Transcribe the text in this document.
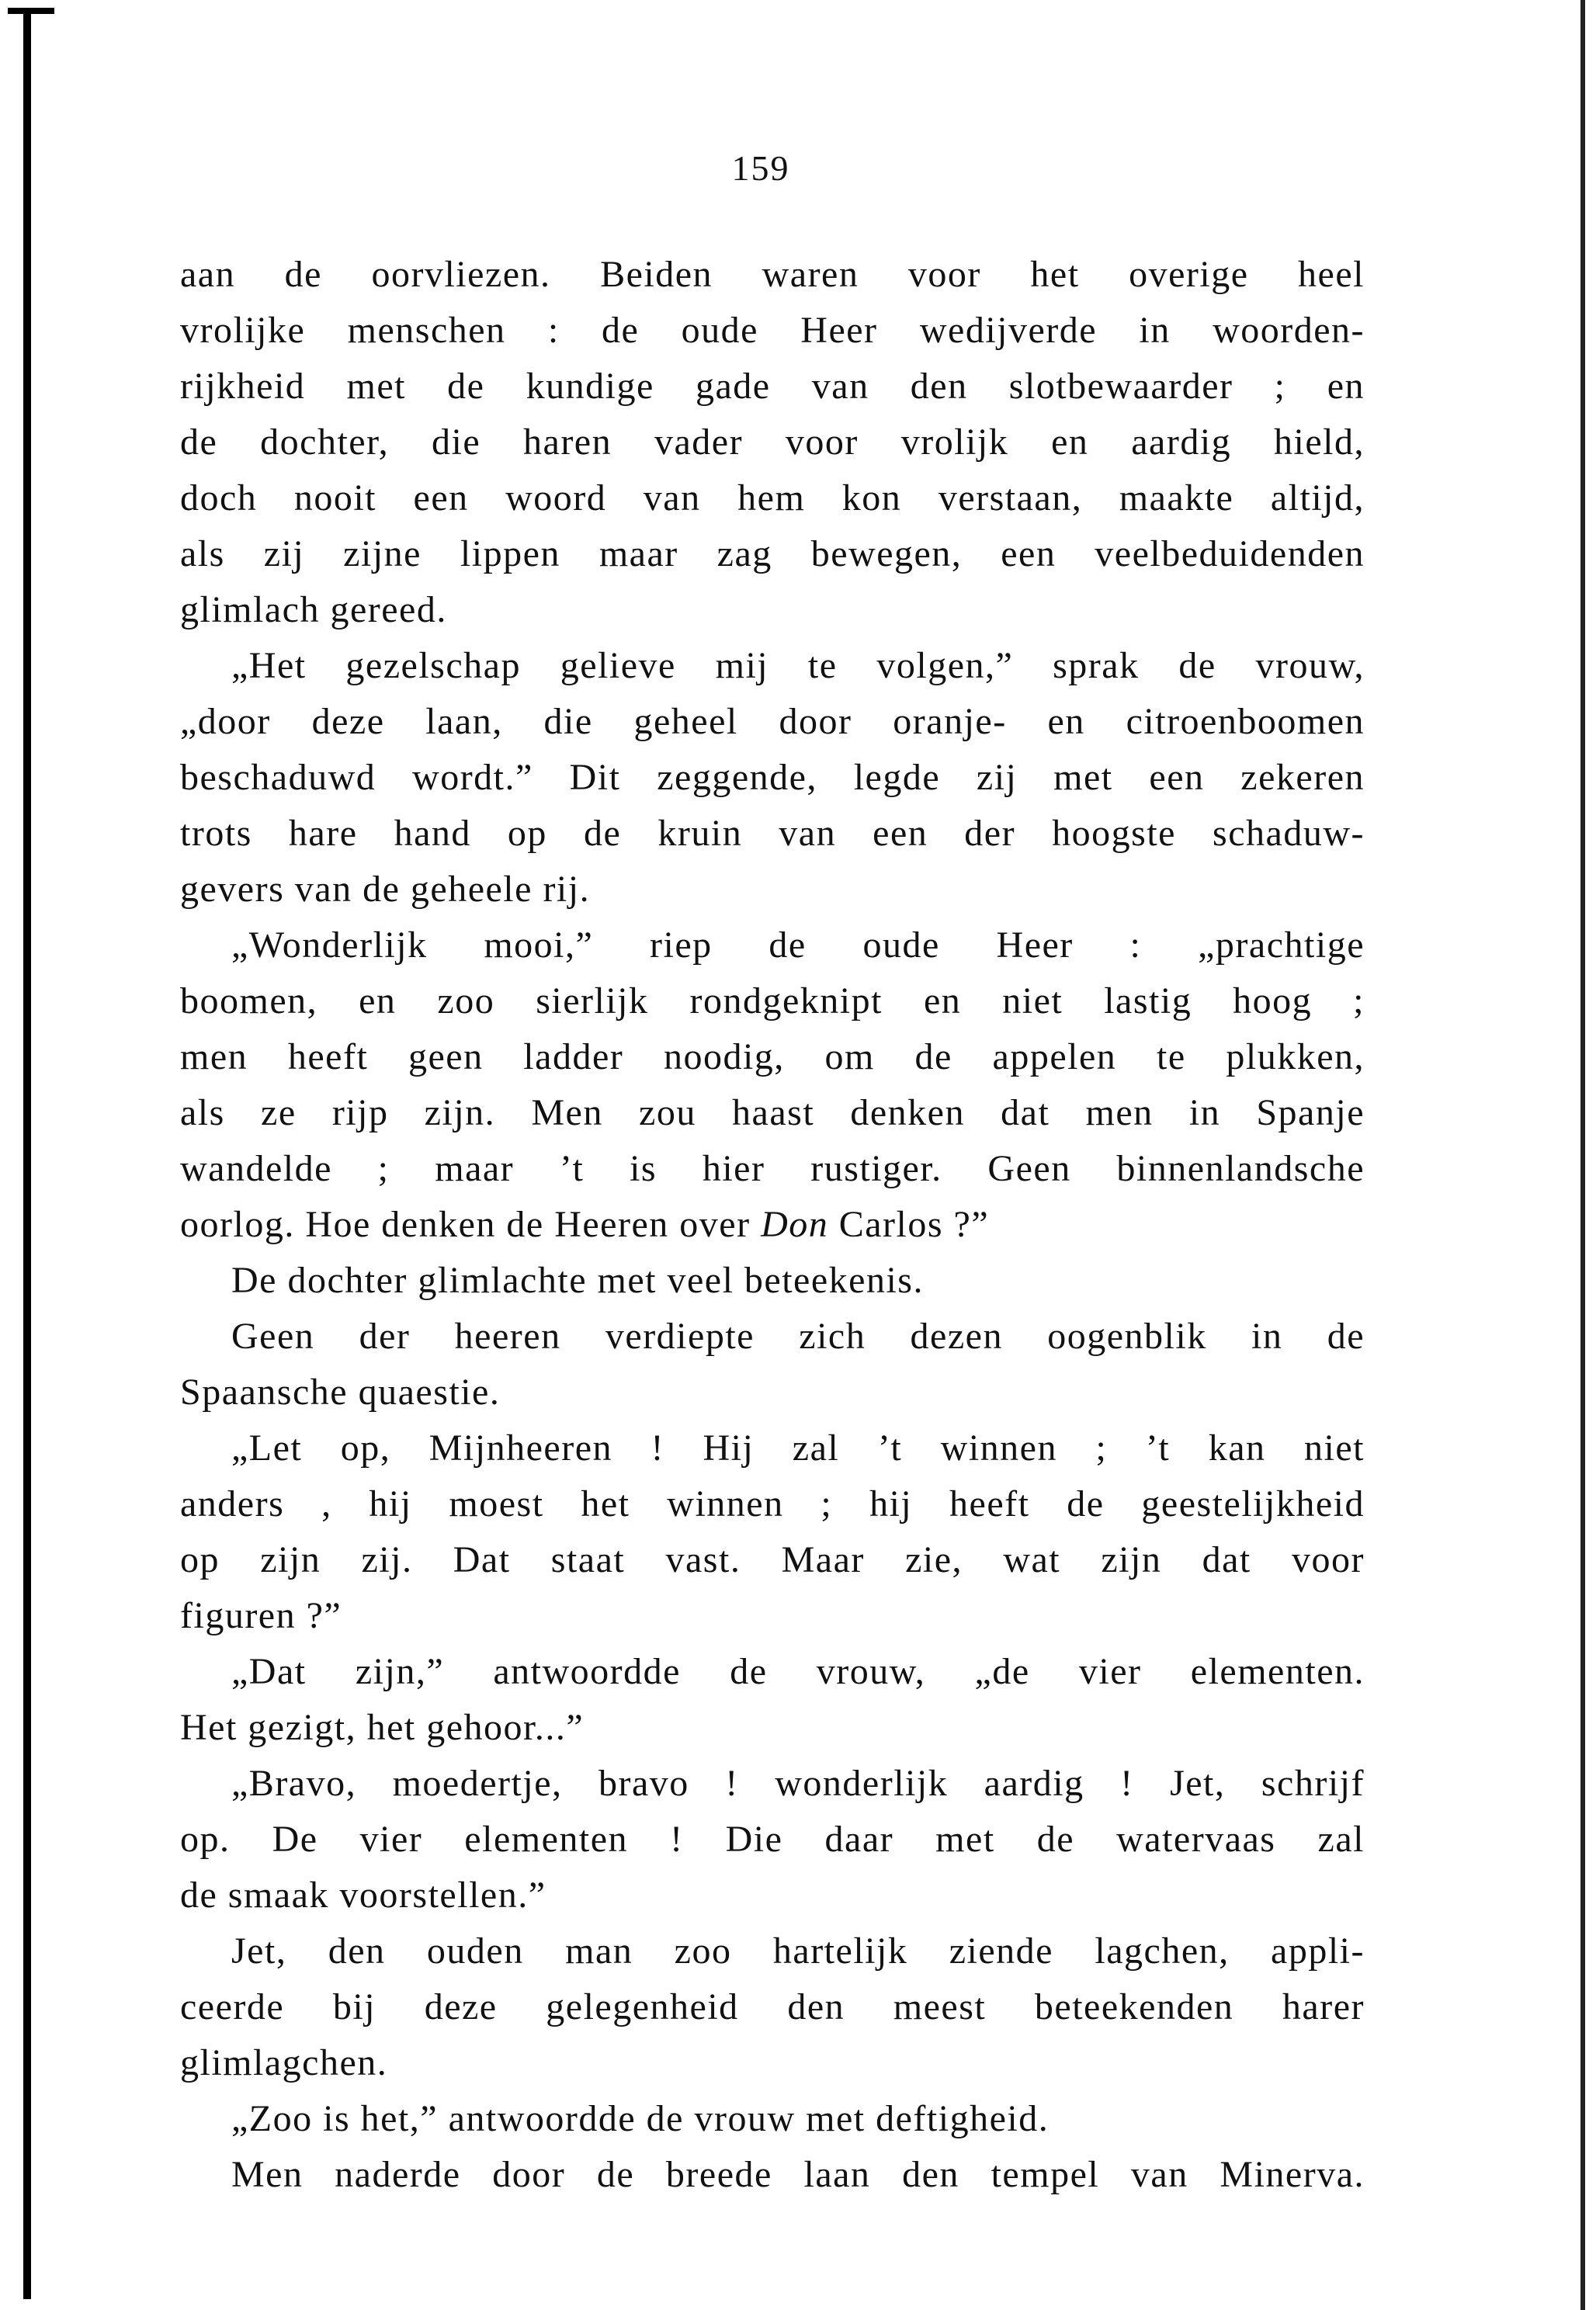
159
aan de oorvliezen. Beiden waren voor het overige heel
vrolijke menschen : de oude Heer wedijverde in woorden-
rijkheid met de kundige gade van den slotbewaarder ; en
de dochter, die haren vader voor vrolijk en aardig hield,
doch nooit een woord van hem kon verstaan, maakte altijd,
als zij zijne lippen maar zag bewegen, een veelbeduidenden
glimlach gereed.
„Het gezelschap gelieve mij te volgen,” sprak de vrouw,
„door deze laan, die geheel door oranje- en citroenboomen
beschaduwd wordt.” Dit zeggende, legde zij met een zekeren
trots hare hand op de kruin van een der hoogste schaduw-
gevers van de geheele rij.
„Wonderlijk mooi,” riep de oude Heer : „prachtige
boomen, en zoo sierlijk rondgeknipt en niet lastig hoog ;
men heeft geen ladder noodig, om de appelen te plukken,
als ze rijp zijn. Men zou haast denken dat men in Spanje
wandelde ; maar ’t is hier rustiger. Geen binnenlandsche
oorlog. Hoe denken de Heeren over Don Carlos ?”
De dochter glimlachte met veel beteekenis.
Geen der heeren verdiepte zich dezen oogenblik in de
Spaansche quaestie.
„Let op, Mijnheeren ! Hij zal ’t winnen ; ’t kan niet
anders , hij moest het winnen ; hij heeft de geestelijkheid
op zijn zij. Dat staat vast. Maar zie, wat zijn dat voor
figuren ?”
„Dat zijn,” antwoordde de vrouw, „de vier elementen.
Het gezigt, het gehoor...”
„Bravo, moedertje, bravo ! wonderlijk aardig ! Jet, schrijf
op. De vier elementen ! Die daar met de watervaas zal
de smaak voorstellen.”
Jet, den ouden man zoo hartelijk ziende lagchen, appli-
ceerde bij deze gelegenheid den meest beteekenden harer
glimlagchen.
„Zoo is het,” antwoordde de vrouw met deftigheid.
Men naderde door de breede laan den tempel van Minerva.
